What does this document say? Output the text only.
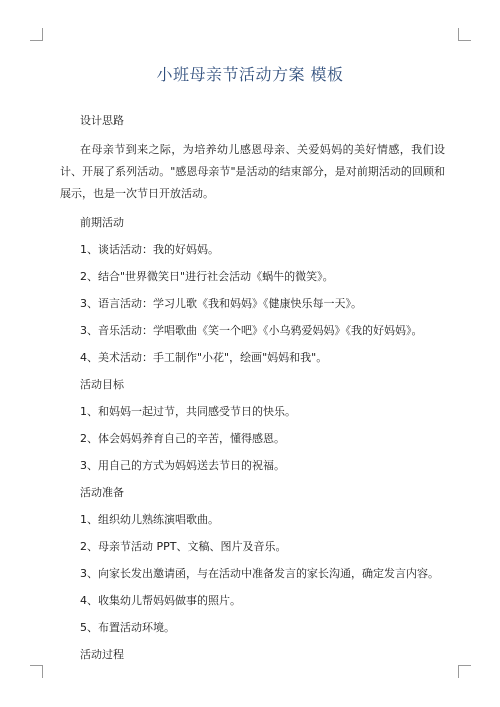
小班母亲节活动方案 模板

设计思路

在母亲节到来之际，为培养幼儿感恩母亲、关爱妈妈的美好情感，我们设计、开展了系列活动。"感恩母亲节"是活动的结束部分，是对前期活动的回顾和展示，也是一次节日开放活动。

前期活动

1、谈话活动：我的好妈妈。

2、结合"世界微笑日"进行社会活动《蜗牛的微笑》。

3、语言活动：学习儿歌《我和妈妈》《健康快乐每一天》。

3、音乐活动：学唱歌曲《笑一个吧》《小乌鸦爱妈妈》《我的好妈妈》。

4、美术活动：手工制作"小花"，绘画"妈妈和我"。

活动目标

1、和妈妈一起过节，共同感受节日的快乐。

2、体会妈妈养育自己的辛苦，懂得感恩。

3、用自己的方式为妈妈送去节日的祝福。

活动准备

1、组织幼儿熟练演唱歌曲。

2、母亲节活动 PPT、文稿、图片及音乐。

3、向家长发出邀请函，与在活动中准备发言的家长沟通，确定发言内容。

4、收集幼儿帮妈妈做事的照片。

5、布置活动环境。

活动过程
